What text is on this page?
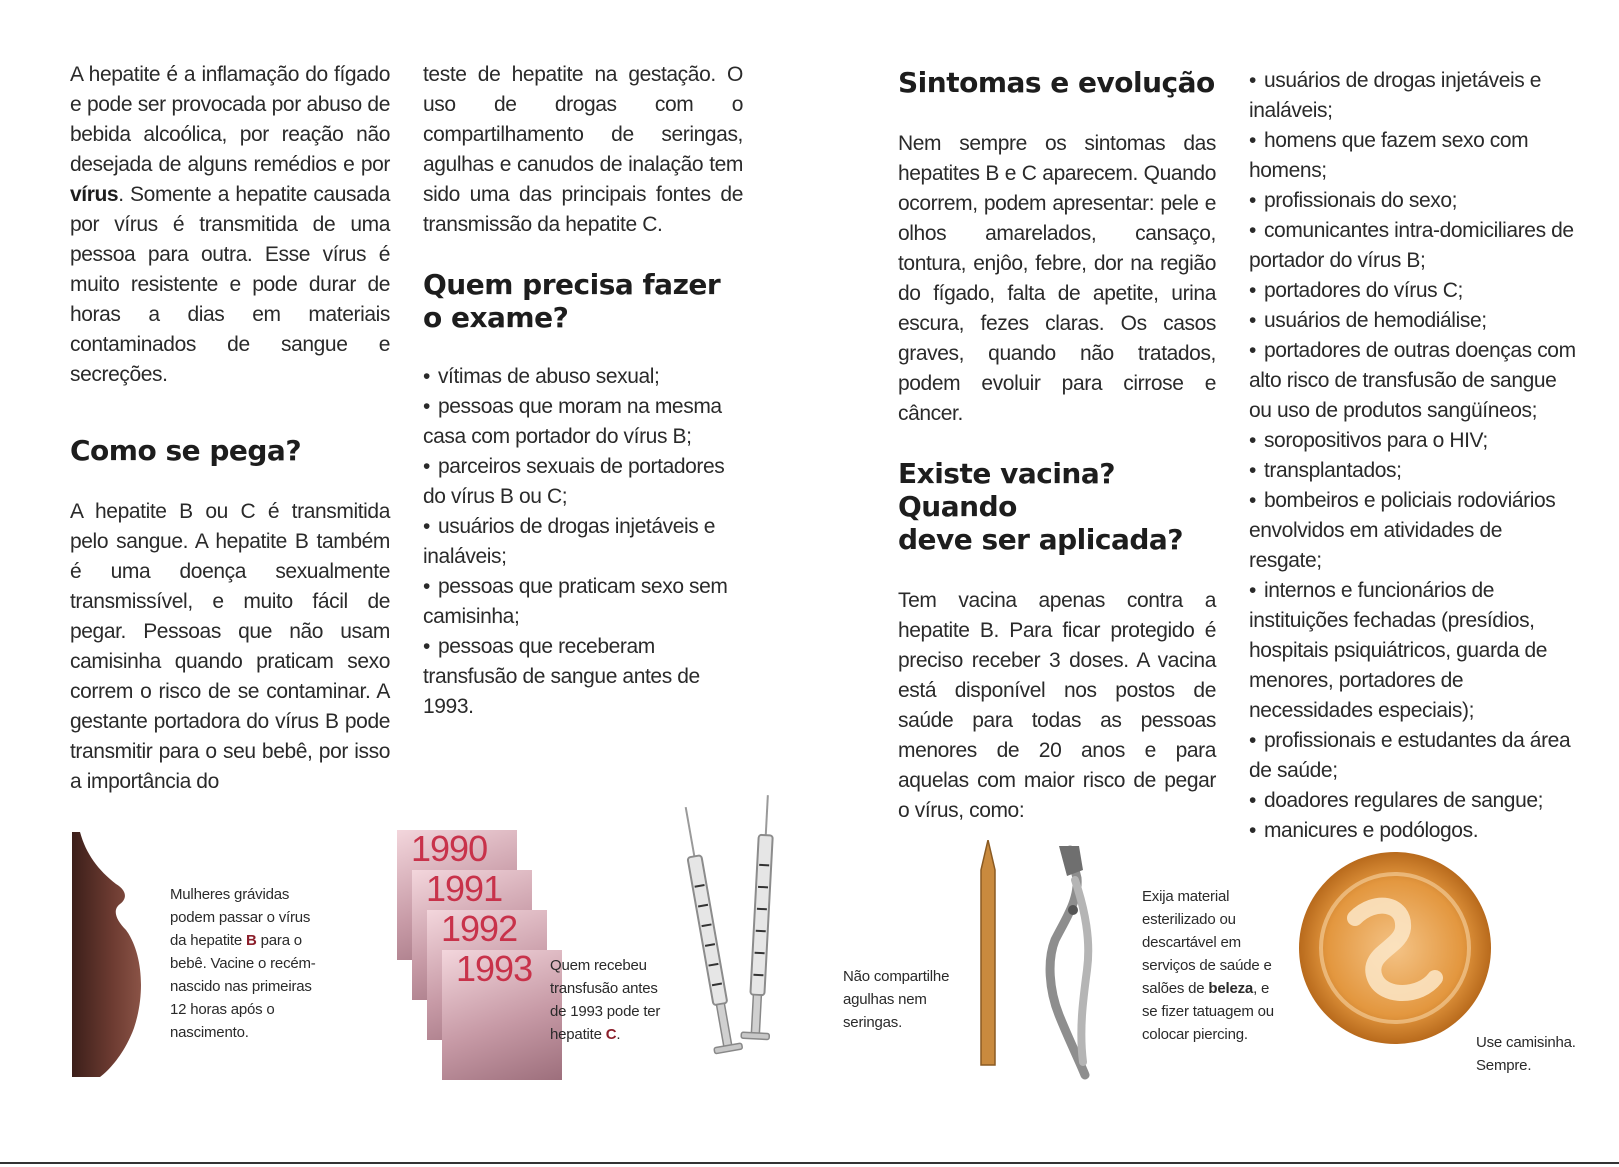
A hepatite é a inflamação do fígado e pode ser provocada por abuso de bebida alcoólica, por reação não desejada de alguns remédios e por vírus. Somente a hepatite causada por vírus é transmitida de uma pessoa para outra. Esse vírus é muito resistente e pode durar de horas a dias em materiais contaminados de sangue e secreções.

Como se pega?

A hepatite B ou C é transmitida pelo sangue. A hepatite B também é uma doença sexualmente transmissível, e muito fácil de pegar. Pessoas que não usam camisinha quando praticam sexo correm o risco de se contaminar. A gestante portadora do vírus B pode transmitir para o seu bebê, por isso a importância do

teste de hepatite na gestação. O uso de drogas com o compartilhamento de seringas, agulhas e canudos de inalação tem sido uma das principais fontes de transmissão da hepatite C.

Quem precisa fazer
o exame?
• vítimas de abuso sexual;
• pessoas que moram na mesma casa com portador do vírus B;
• parceiros sexuais de portadores do vírus B ou C;
• usuários de drogas injetáveis e inaláveis;
• pessoas que praticam sexo sem camisinha;
• pessoas que receberam transfusão de sangue antes de 1993.
Sintomas e evolução

Nem sempre os sintomas das hepatites B e C aparecem. Quando ocorrem, podem apresentar: pele e olhos amarelados, cansaço, tontura, enjôo, febre, dor na região do fígado, falta de apetite, urina escura, fezes claras. Os casos graves, quando não tratados, podem evoluir para cirrose e câncer.

Existe vacina? Quando
deve ser aplicada?

Tem vacina apenas contra a hepatite B. Para ficar protegido é preciso receber 3 doses. A vacina está disponível nos postos de saúde para todas as pessoas menores de 20 anos e para aquelas com maior risco de pegar o vírus, como:

• usuários de drogas injetáveis e inaláveis;
• homens que fazem sexo com homens;
• profissionais do sexo;
• comunicantes intra-domiciliares de portador do vírus B;
• portadores do vírus C;
• usuários de hemodiálise;
• portadores de outras doenças com alto risco de transfusão de sangue ou uso de produtos sangüíneos;
• soropositivos para o HIV;
• transplantados;
• bombeiros e policiais rodoviários envolvidos em atividades de resgate;
• internos e funcionários de instituições fechadas (presídios, hospitais psiquiátricos, guarda de menores, portadores de necessidades especiais);
• profissionais e estudantes da área de saúde;
• doadores regulares de sangue;
• manicures e podólogos.
Mulheres grávidas podem passar o vírus da hepatite B para o bebê. Vacine o recém-nascido nas primeiras 12 horas após o nascimento.
1990
1991
1992
1993 Quem recebeu transfusão antes de 1993 pode ter hepatite C.
Não compartilhe agulhas nem seringas.
Exija material esterilizado ou descartável em serviços de saúde e salões de beleza, e se fizer tatuagem ou colocar piercing.	Use camisinha. Sempre.
